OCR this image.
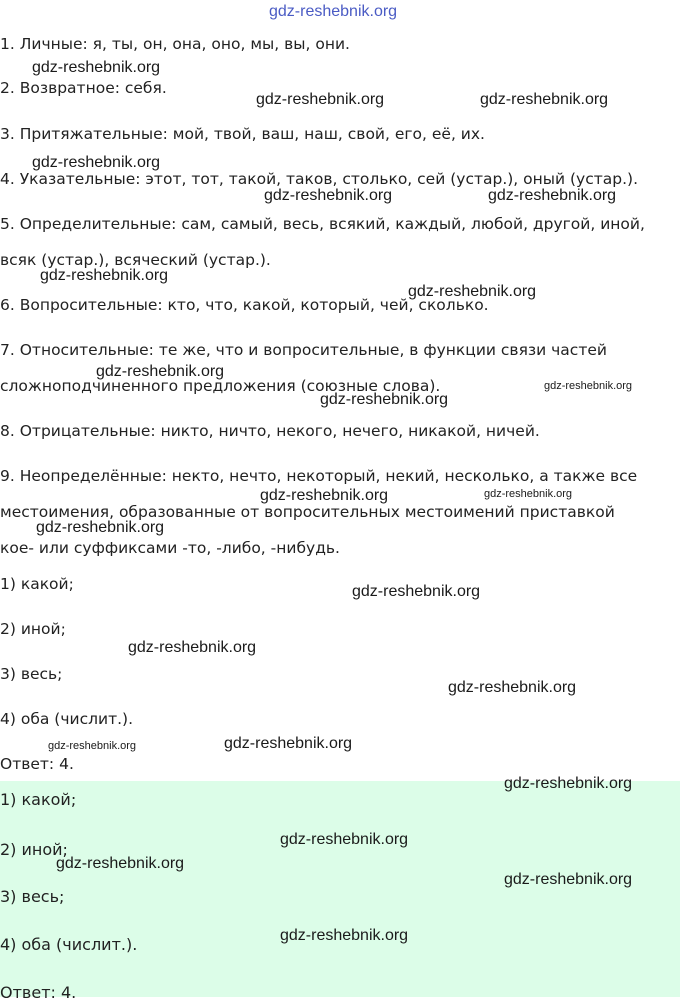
gdz-reshebnik.org
1. Личные: я, ты, он, она, оно, мы, вы, они.
2. Возвратное: себя.
3. Притяжательные: мой, твой, ваш, наш, свой, его, её, их.
4. Указательные: этот, тот, такой, таков, столько, сей (устар.), оный (устар.).
5. Определительные: сам, самый, весь, всякий, каждый, любой, другой, иной,
всяк (устар.), всяческий (устар.).
6. Вопросительные: кто, что, какой, который, чей, сколько.
7. Относительные: те же, что и вопросительные, в функции связи частей
сложноподчиненного предложения (союзные слова).
8. Отрицательные: никто, ничто, некого, нечего, никакой, ничей.
9. Неопределённые: некто, нечто, некоторый, некий, несколько, а также все
местоимения, образованные от вопросительных местоимений приставкой
кое- или суффиксами -то, -либо, -нибудь.
1) какой;
2) иной;
3) весь;
4) оба (числит.).
Ответ: 4.
1) какой;
2) иной;
3) весь;
4) оба (числит.).
Ответ: 4.
gdz-reshebnik.org
gdz-reshebnik.org	gdz-reshebnik.org
gdz-reshebnik.org
gdz-reshebnik.org	gdz-reshebnik.org
gdz-reshebnik.org
gdz-reshebnik.org
gdz-reshebnik.org
gdz-reshebnik.org
gdz-reshebnik.org
gdz-reshebnik.org	gdz-reshebnik.org
gdz-reshebnik.org
gdz-reshebnik.org
gdz-reshebnik.org
gdz-reshebnik.org
gdz-reshebnik.org	gdz-reshebnik.org
gdz-reshebnik.org
gdz-reshebnik.org
gdz-reshebnik.org
gdz-reshebnik.org
gdz-reshebnik.org
